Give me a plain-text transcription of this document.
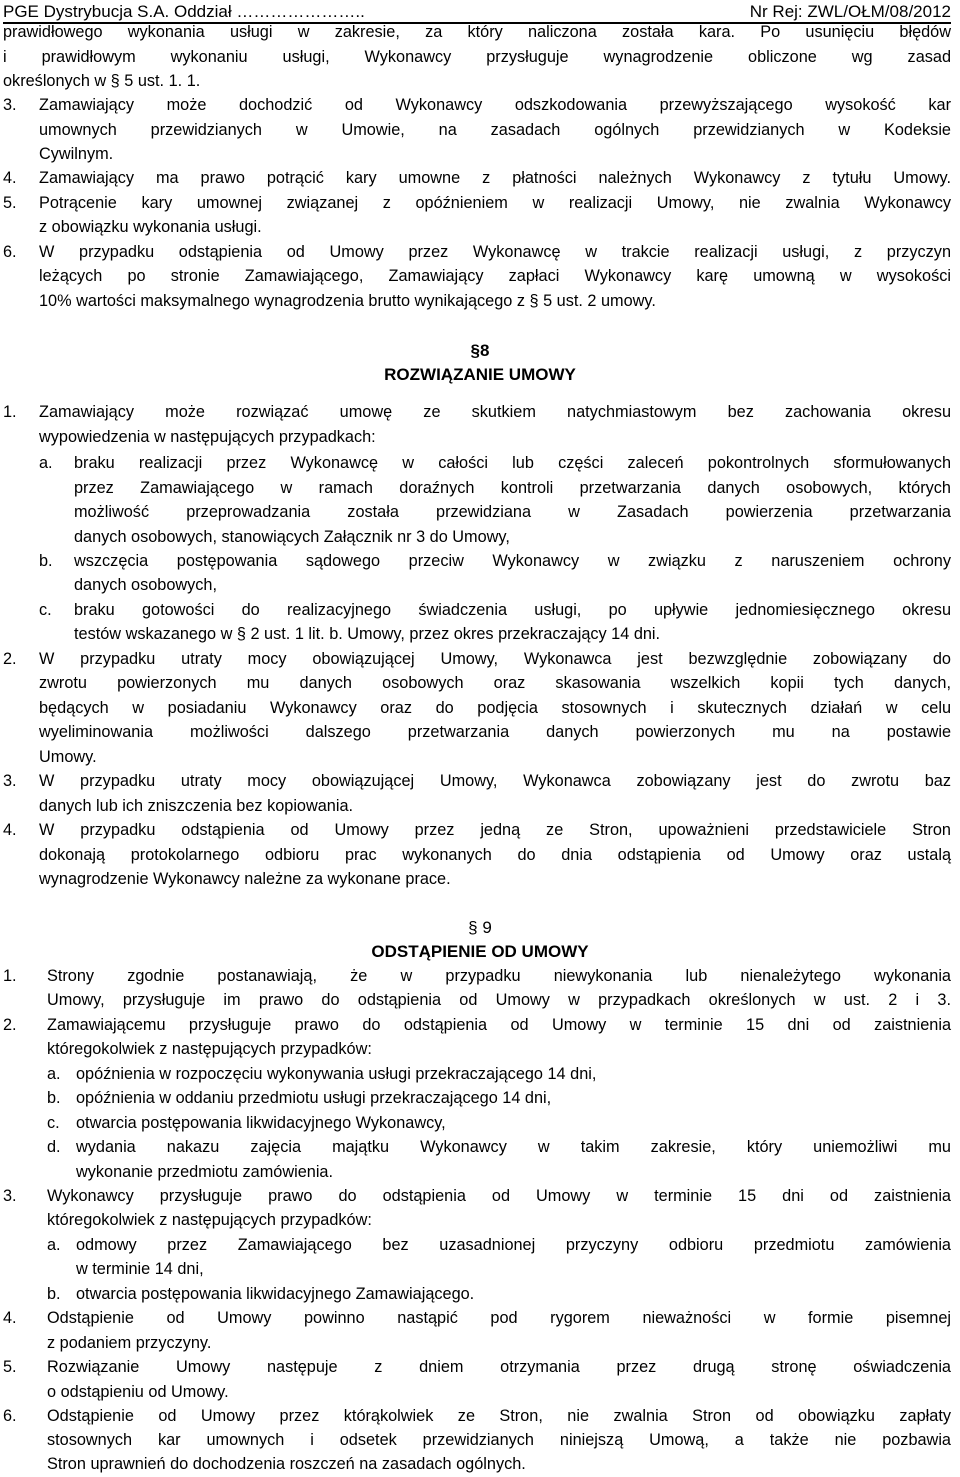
PGE Dystrybucja S.A. Oddział …………………..	Nr Rej: ZWL/OŁM/08/2012
prawidłowego wykonania usługi w zakresie, za który naliczona została kara. Po usunięciu błędów
i prawidłowym wykonaniu usługi, Wykonawcy przysługuje wynagrodzenie obliczone wg zasad
określonych w § 5 ust. 1. 1.
3. Zamawiający może dochodzić od Wykonawcy odszkodowania przewyższającego wysokość kar
umownych przewidzianych w Umowie, na zasadach ogólnych przewidzianych w Kodeksie
Cywilnym.
4. Zamawiający ma prawo potrącić kary umowne z płatności należnych Wykonawcy z tytułu Umowy.
5. Potrącenie kary umownej związanej z opóźnieniem w realizacji Umowy, nie zwalnia Wykonawcy
z obowiązku wykonania usługi.
6. W przypadku odstąpienia od Umowy przez Wykonawcę w trakcie realizacji usługi, z przyczyn
leżących po stronie Zamawiającego, Zamawiający zapłaci Wykonawcy karę umowną w wysokości
10% wartości maksymalnego wynagrodzenia brutto wynikającego z § 5 ust. 2 umowy.
§8
ROZWIĄZANIE UMOWY
1. Zamawiający może rozwiązać umowę ze skutkiem natychmiastowym bez zachowania okresu
wypowiedzenia w następujących przypadkach:
a. braku realizacji przez Wykonawcę w całości lub części zaleceń pokontrolnych sformułowanych
przez Zamawiającego w ramach doraźnych kontroli przetwarzania danych osobowych, których
możliwość przeprowadzania została przewidziana w Zasadach powierzenia przetwarzania
danych osobowych, stanowiących Załącznik nr 3 do Umowy,
b. wszczęcia postępowania sądowego przeciw Wykonawcy w związku z naruszeniem ochrony
danych osobowych,
c. braku gotowości do realizacyjnego świadczenia usługi, po upływie jednomiesięcznego okresu
testów wskazanego w § 2 ust. 1 lit. b. Umowy, przez okres przekraczający 14 dni.
2. W przypadku utraty mocy obowiązującej Umowy, Wykonawca jest bezwzględnie zobowiązany do
zwrotu powierzonych mu danych osobowych oraz skasowania wszelkich kopii tych danych,
będących w posiadaniu Wykonawcy oraz do podjęcia stosownych i skutecznych działań w celu
wyeliminowania możliwości dalszego przetwarzania danych powierzonych mu na postawie
Umowy.
3. W przypadku utraty mocy obowiązującej Umowy, Wykonawca zobowiązany jest do zwrotu baz
danych lub ich zniszczenia bez kopiowania.
4. W przypadku odstąpienia od Umowy przez jedną ze Stron, upoważnieni przedstawiciele Stron
dokonają protokolarnego odbioru prac wykonanych do dnia odstąpienia od Umowy oraz ustalą
wynagrodzenie Wykonawcy należne za wykonane prace.
§ 9
ODSTĄPIENIE OD UMOWY
1. Strony zgodnie postanawiają, że w przypadku niewykonania lub nienależytego wykonania
Umowy, przysługuje im prawo do odstąpienia od Umowy w przypadkach określonych w ust. 2 i 3.
2. Zamawiającemu przysługuje prawo do odstąpienia od Umowy w terminie 15 dni od zaistnienia
któregokolwiek z następujących przypadków:
a. opóźnienia w rozpoczęciu wykonywania usługi przekraczającego 14 dni,
b. opóźnienia w oddaniu przedmiotu usługi przekraczającego 14 dni,
c. otwarcia postępowania likwidacyjnego Wykonawcy,
d. wydania nakazu zajęcia majątku Wykonawcy w takim zakresie, który uniemożliwi mu
wykonanie przedmiotu zamówienia.
3. Wykonawcy przysługuje prawo do odstąpienia od Umowy w terminie 15 dni od zaistnienia
któregokolwiek z następujących przypadków:
a. odmowy przez Zamawiającego bez uzasadnionej przyczyny odbioru przedmiotu zamówienia
w terminie 14 dni,
b. otwarcia postępowania likwidacyjnego Zamawiającego.
4. Odstąpienie od Umowy powinno nastąpić pod rygorem nieważności w formie pisemnej
z podaniem przyczyny.
5. Rozwiązanie Umowy następuje z dniem otrzymania przez drugą stronę oświadczenia
o odstąpieniu od Umowy.
6. Odstąpienie od Umowy przez którąkolwiek ze Stron, nie zwalnia Stron od obowiązku zapłaty
stosownych kar umownych i odsetek przewidzianych niniejszą Umową, a także nie pozbawia
Stron uprawnień do dochodzenia roszczeń na zasadach ogólnych.
